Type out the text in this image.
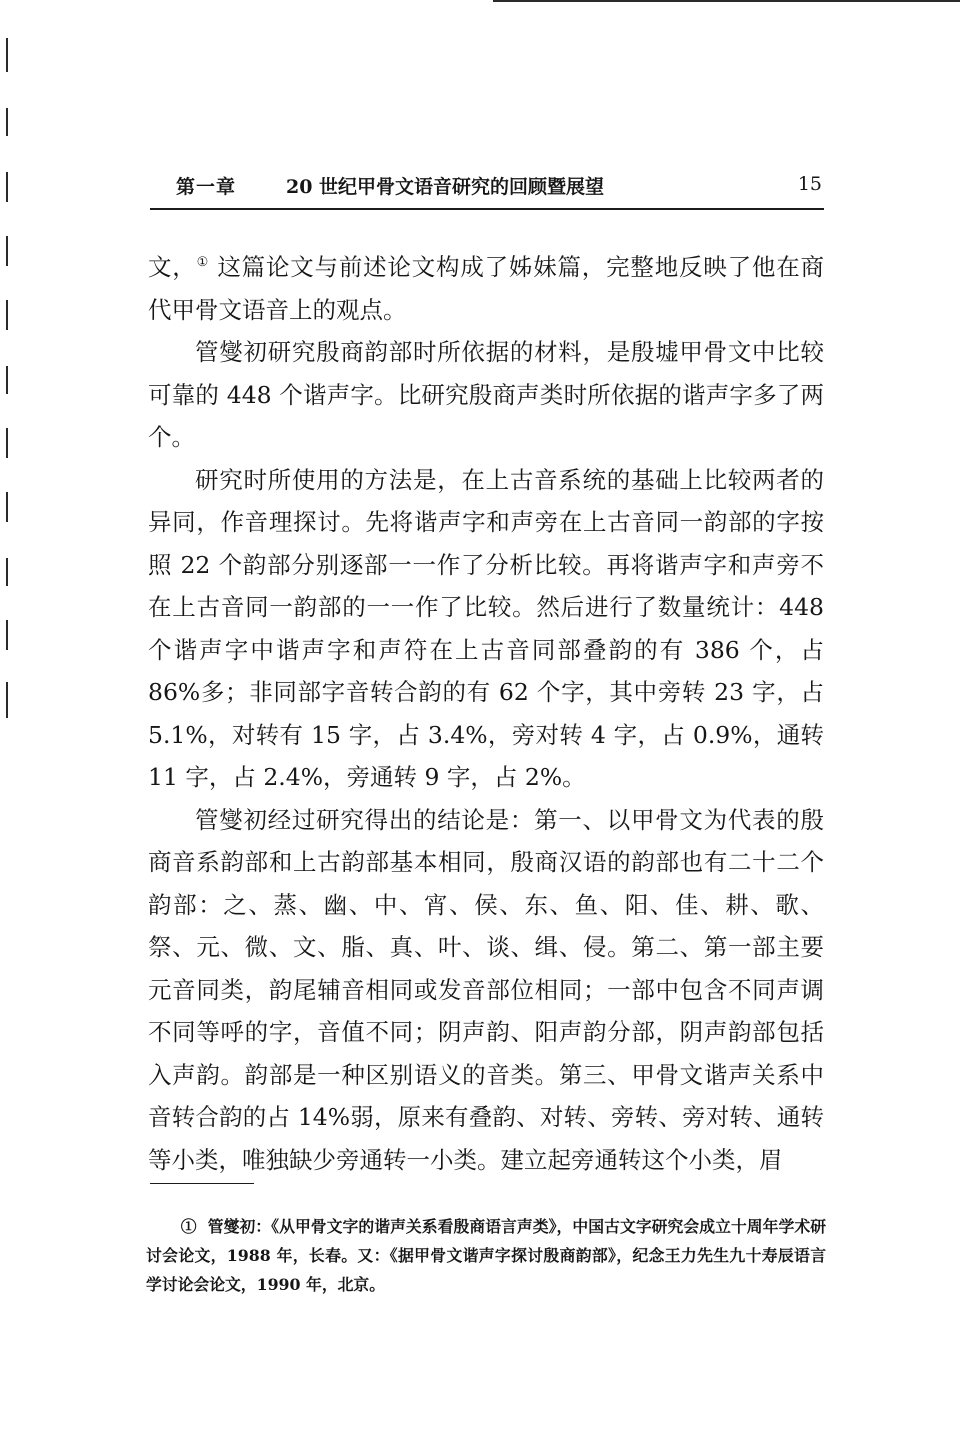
第一章	20 世纪甲骨文语音研究的回顾暨展望	15

文，① 这篇论文与前述论文构成了姊妹篇，完整地反映了他在商代甲骨文语音上的观点。

管燮初研究殷商韵部时所依据的材料，是殷墟甲骨文中比较可靠的 448 个谐声字。比研究殷商声类时所依据的谐声字多了两个。

研究时所使用的方法是，在上古音系统的基础上比较两者的异同，作音理探讨。先将谐声字和声旁在上古音同一韵部的字按照 22 个韵部分别逐部一一作了分析比较。再将谐声字和声旁不在上古音同一韵部的一一作了比较。然后进行了数量统计：448 个谐声字中谐声字和声符在上古音同部叠韵的有 386 个，占 86%多；非同部字音转合韵的有 62 个字，其中旁转 23 字，占 5.1%，对转有 15 字，占 3.4%，旁对转 4 字，占 0.9%，通转 11 字，占 2.4%，旁通转 9 字，占 2%。

管燮初经过研究得出的结论是：第一、以甲骨文为代表的殷商音系韵部和上古韵部基本相同，殷商汉语的韵部也有二十二个韵部：之、蒸、幽、中、宵、侯、东、鱼、阳、佳、耕、歌、祭、元、微、文、脂、真、叶、谈、缉、侵。第二、第一部主要元音同类，韵尾辅音相同或发音部位相同；一部中包含不同声调不同等呼的字，音值不同；阴声韵、阳声韵分部，阴声韵部包括入声韵。韵部是一种区别语义的音类。第三、甲骨文谐声关系中音转合韵的占 14%弱，原来有叠韵、对转、旁转、旁对转、通转等小类，唯独缺少旁通转一小类。建立起旁通转这个小类，眉

① 管燮初：《从甲骨文字的谐声关系看殷商语言声类》，中国古文字研究会成立十周年学术研讨会论文，1988 年，长春。又：《据甲骨文谐声字探讨殷商韵部》，纪念王力先生九十寿辰语言学讨论会论文，1990 年，北京。
